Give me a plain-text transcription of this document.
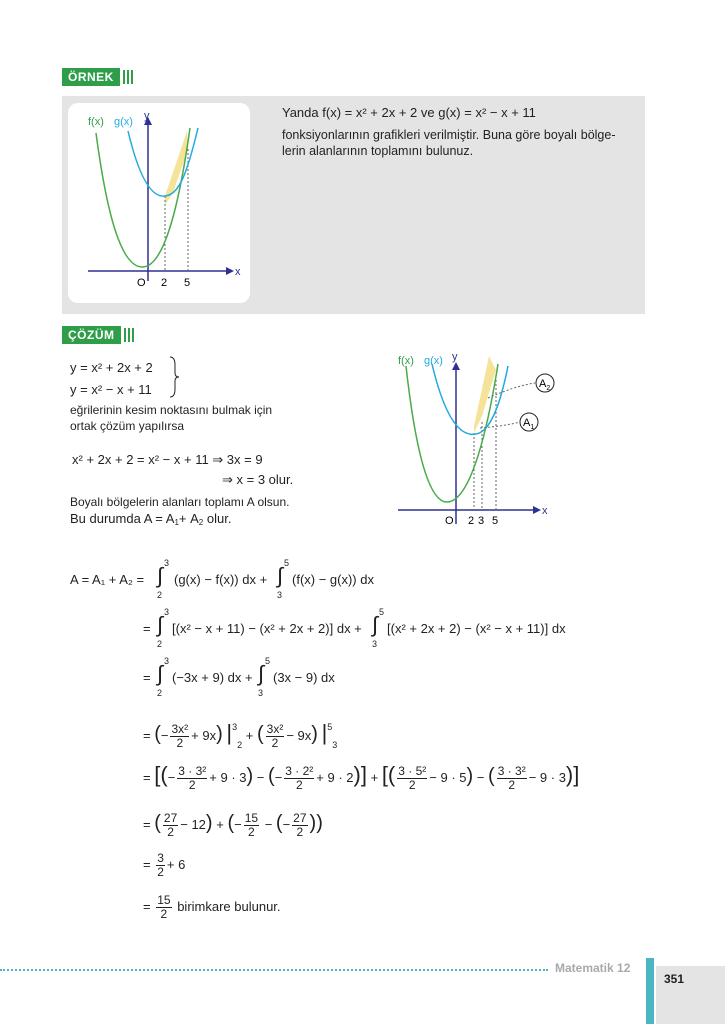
ÖRNEK
f(x) g(x) y
x
O 2 5
Yanda f(x) = x² + 2x + 2 ve g(x) = x² − x + 11
fonksiyonlarının grafikleri verilmiştir. Buna göre boyalı bölge-
lerin alanlarının toplamını bulunuz.
ÇÖZÜM
y = x² + 2x + 2
y = x² − x + 11
eğrilerinin kesim noktasını bulmak için
ortak çözüm yapılırsa
x² + 2x + 2 = x² − x + 11 ⇒ 3x = 9
⇒ x = 3 olur.
Boyalı bölgelerin alanları toplamı A olsun.
Bu durumda $A = A_1+ A_2$ olur.
$A_2$
$A_1$
f(x) g(x) y
x
O 2 3 5
A = A₁ + A₂ = ∫ 3
2
(g(x) − f(x)) dx + ∫ 5
3
(f(x) − g(x)) dx
= ∫ 3
2
[(x² − x + 11) − (x² + 2x + 2)] dx + ∫ 5
3
[(x² + 2x + 2) − (x² − x + 11)] dx
= ∫ 3
2
(−3x + 9) dx + ∫ 5
3
(3x − 9) dx
= (− $\frac{\text{3x²}}{2} + 9x$) $|^3_2$ + ( $\frac{\text{3x²}}{2} - 9x$) $|^5_3$
= [(− $\frac{\text{3 · 3²}}{2} + 9 \cdot 3$) − (− $\frac{\text{3 · 2²}}{2} + 9 \cdot 2$)] + [( $\frac{\text{3 · 5²}}{2} - 9 \cdot 5$) − ( $\frac{\text{3 · 3²}}{2} - 9 \cdot 3$)]
= ( $\frac{27}{2} - 12$) + (− $\frac{15}{2}$ − (− $\frac{27}{2}$ ))
= $\frac{3}{2} + 6$
= $\frac{15}{2}$ birimkare bulunur.
Matematik 12
351
